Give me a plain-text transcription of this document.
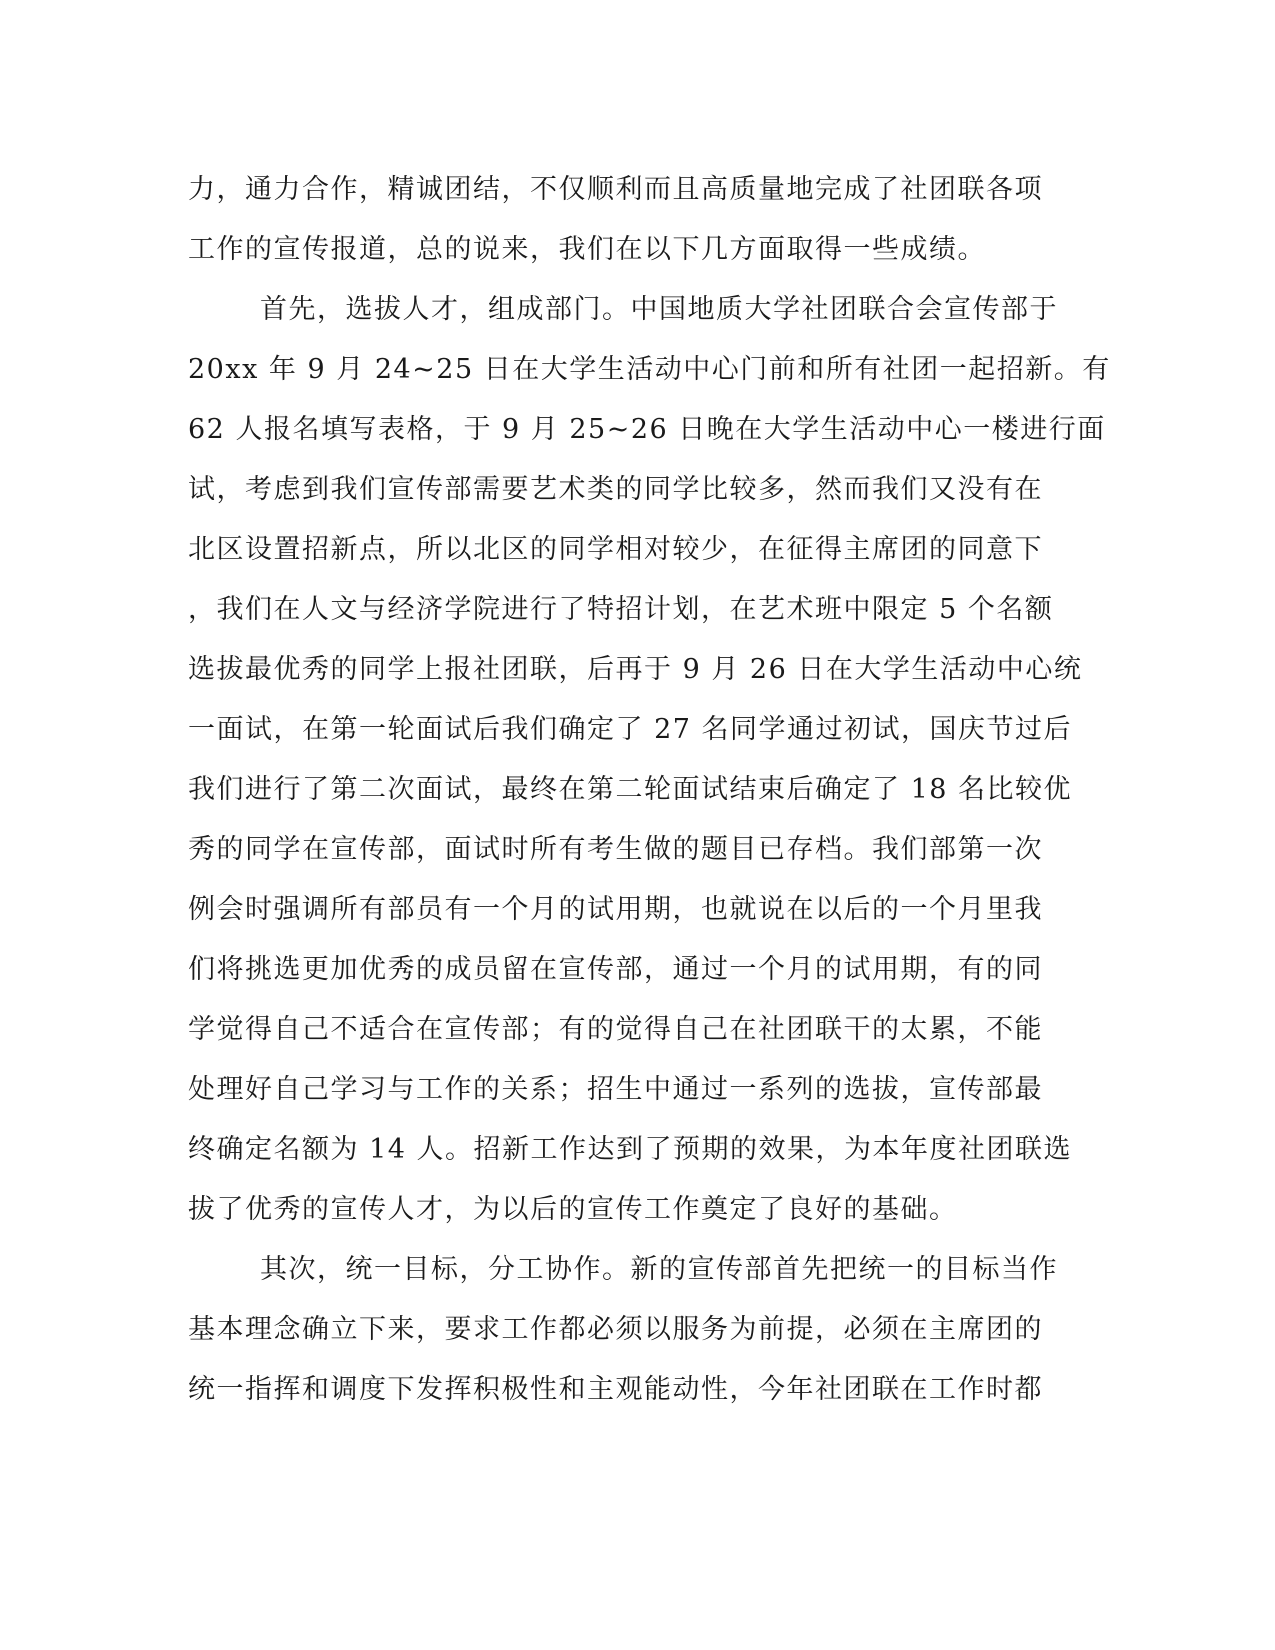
力，通力合作，精诚团结，不仅顺利而且高质量地完成了社团联各项
工作的宣传报道，总的说来，我们在以下几方面取得一些成绩。
首先，选拔人才，组成部门。中国地质大学社团联合会宣传部于
20xx 年 9 月 24~25 日在大学生活动中心门前和所有社团一起招新。有
62 人报名填写表格，于 9 月 25~26 日晚在大学生活动中心一楼进行面
试，考虑到我们宣传部需要艺术类的同学比较多，然而我们又没有在
北区设置招新点，所以北区的同学相对较少，在征得主席团的同意下
，我们在人文与经济学院进行了特招计划，在艺术班中限定 5 个名额
选拔最优秀的同学上报社团联，后再于 9 月 26 日在大学生活动中心统
一面试，在第一轮面试后我们确定了 27 名同学通过初试，国庆节过后
我们进行了第二次面试，最终在第二轮面试结束后确定了 18 名比较优
秀的同学在宣传部，面试时所有考生做的题目已存档。我们部第一次
例会时强调所有部员有一个月的试用期，也就说在以后的一个月里我
们将挑选更加优秀的成员留在宣传部，通过一个月的试用期，有的同
学觉得自己不适合在宣传部；有的觉得自己在社团联干的太累，不能
处理好自己学习与工作的关系；招生中通过一系列的选拔，宣传部最
终确定名额为 14 人。招新工作达到了预期的效果，为本年度社团联选
拔了优秀的宣传人才，为以后的宣传工作奠定了良好的基础。
其次，统一目标，分工协作。新的宣传部首先把统一的目标当作
基本理念确立下来，要求工作都必须以服务为前提，必须在主席团的
统一指挥和调度下发挥积极性和主观能动性，今年社团联在工作时都
